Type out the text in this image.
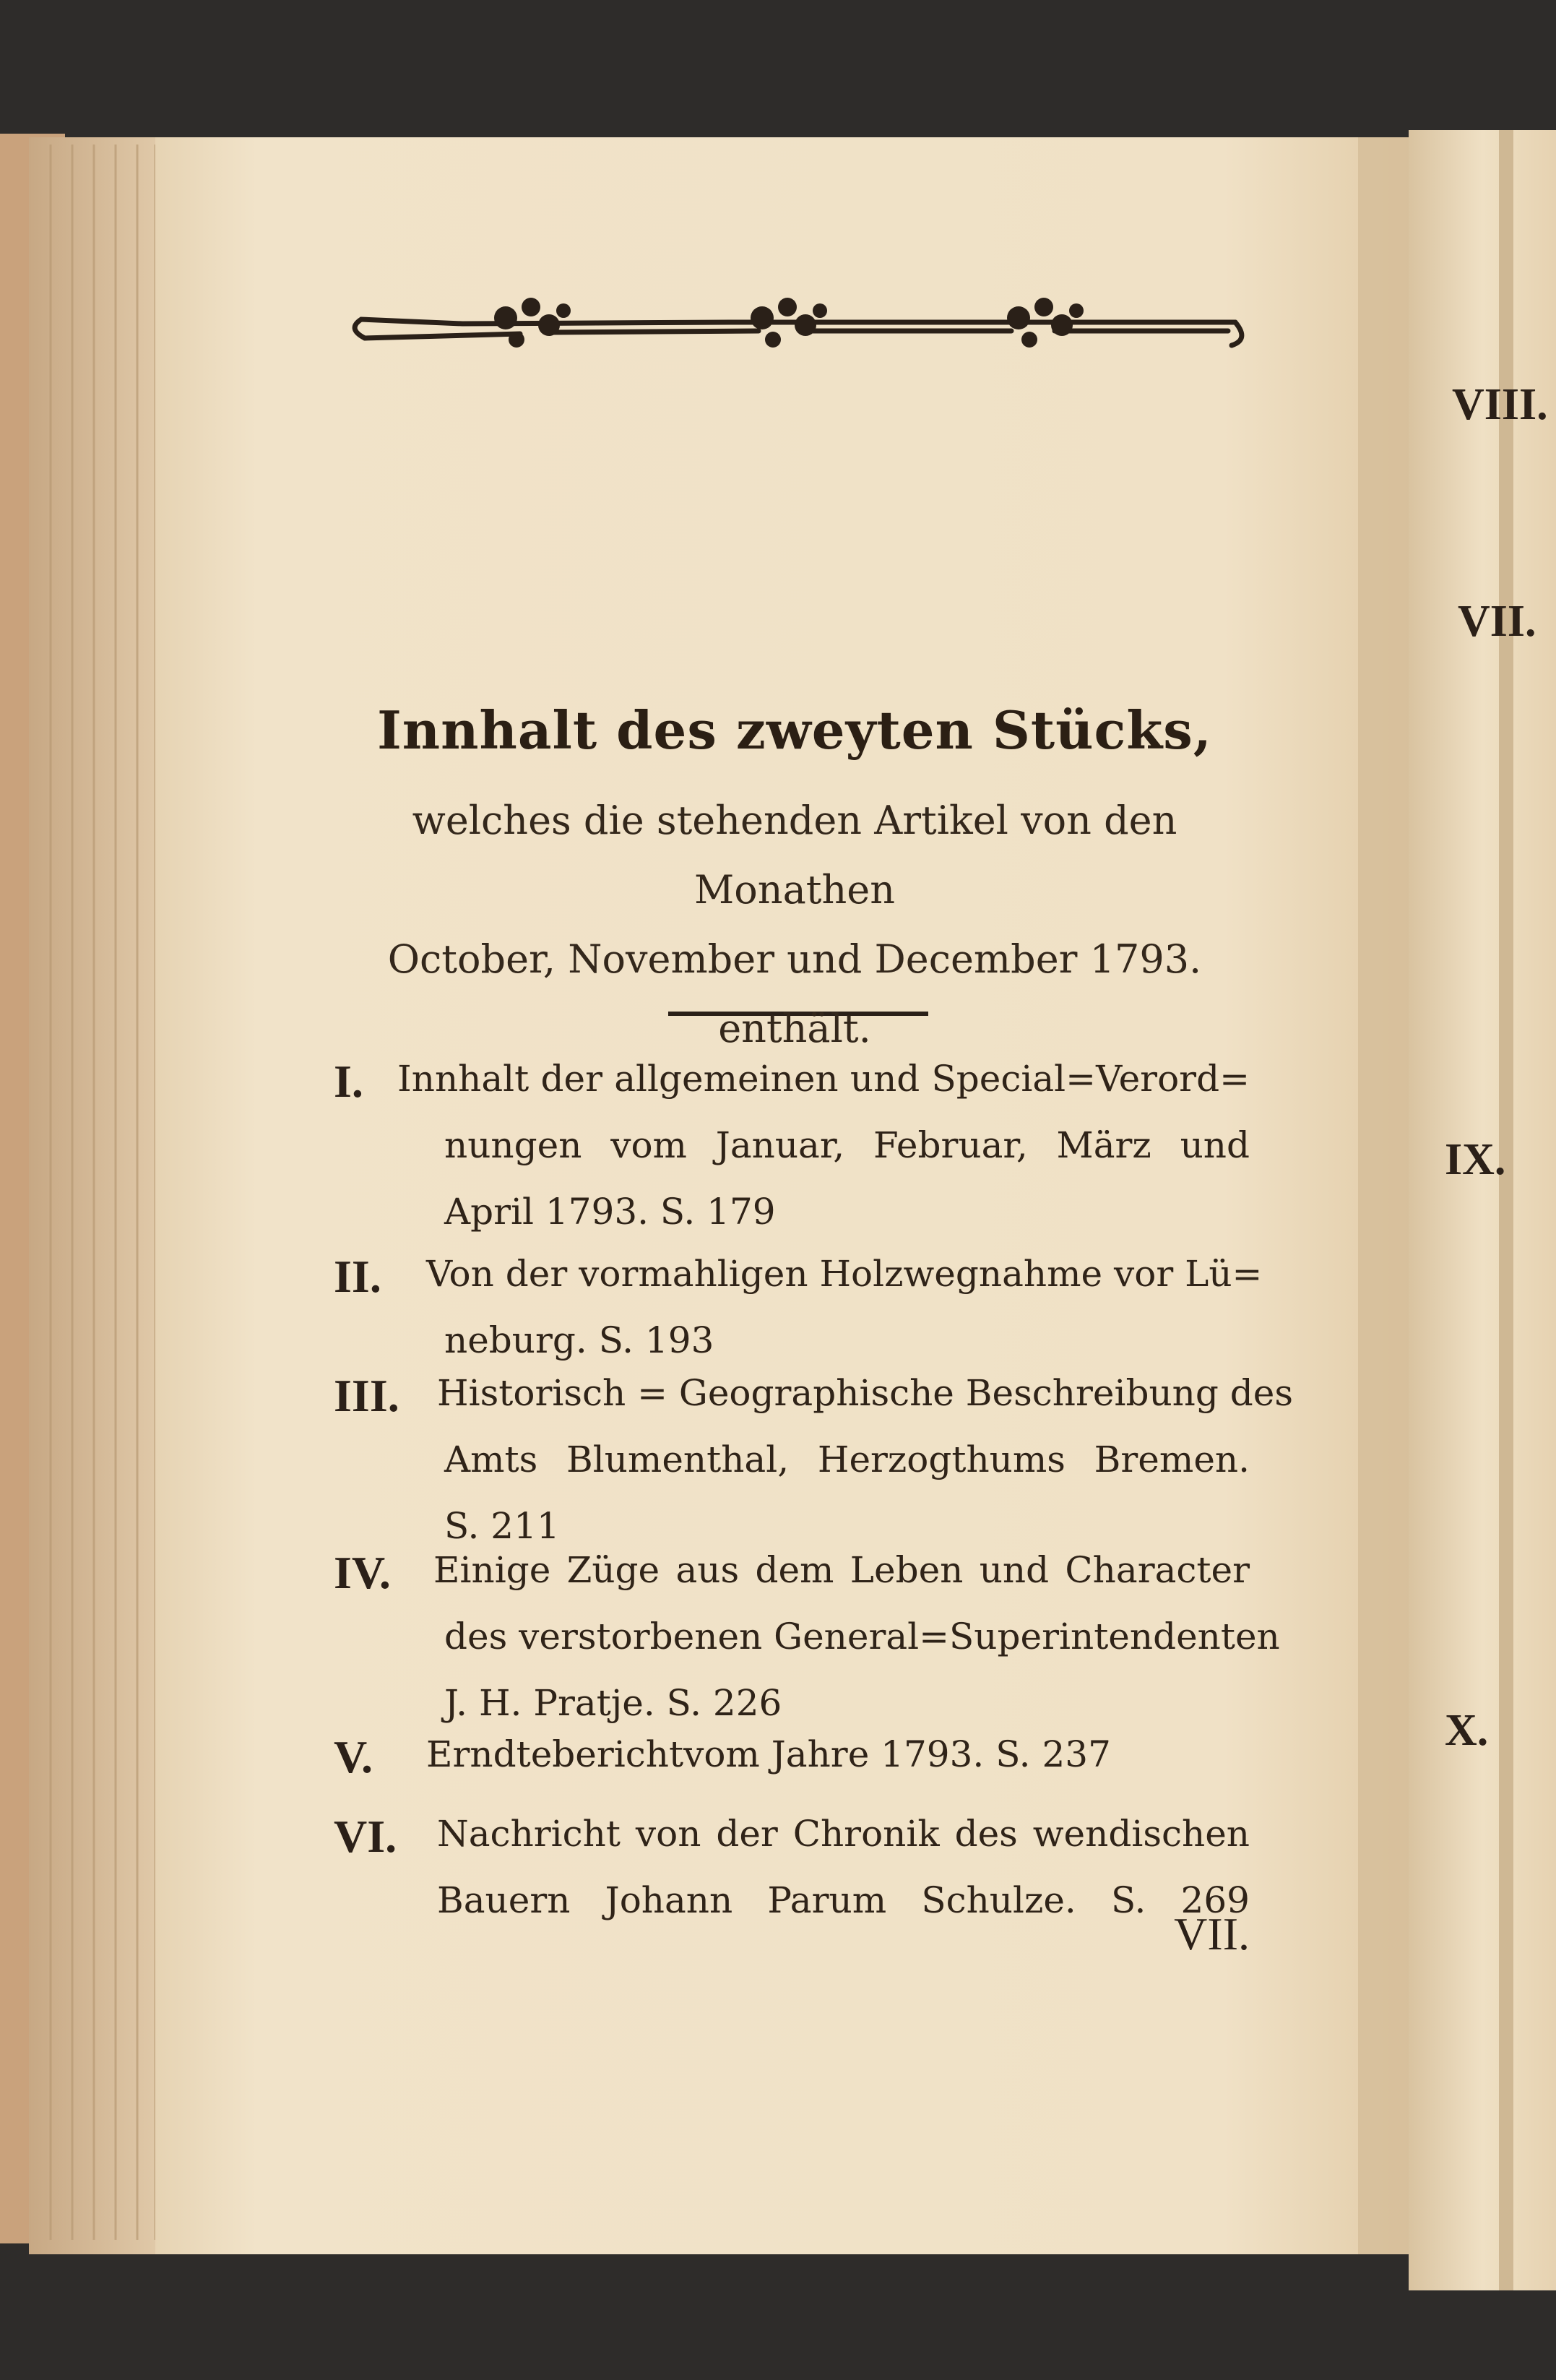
VIII.
VII.
IX.
X.
Innhalt des zweyten Stücks,
welches die stehenden Artikel von den Monathen
October, November und December 1793.
enthält.
I. Innhalt der allgemeinen und Special=Verord=
nungen vom Januar, Februar, März und
April 1793. S. 179
II. Von der vormahligen Holzwegnahme vor Lü=
neburg. S. 193
III. Historisch = Geographische Beschreibung des
Amts Blumenthal, Herzogthums Bremen.
S. 211
IV. Einige Züge aus dem Leben und Character
des verstorbenen General=Superintendenten
J. H. Pratje. S. 226
V. Erndteberichtvom Jahre 1793. S. 237
VI. Nachricht von der Chronik des wendischen
Bauern Johann Parum Schulze. S. 269
VII.
